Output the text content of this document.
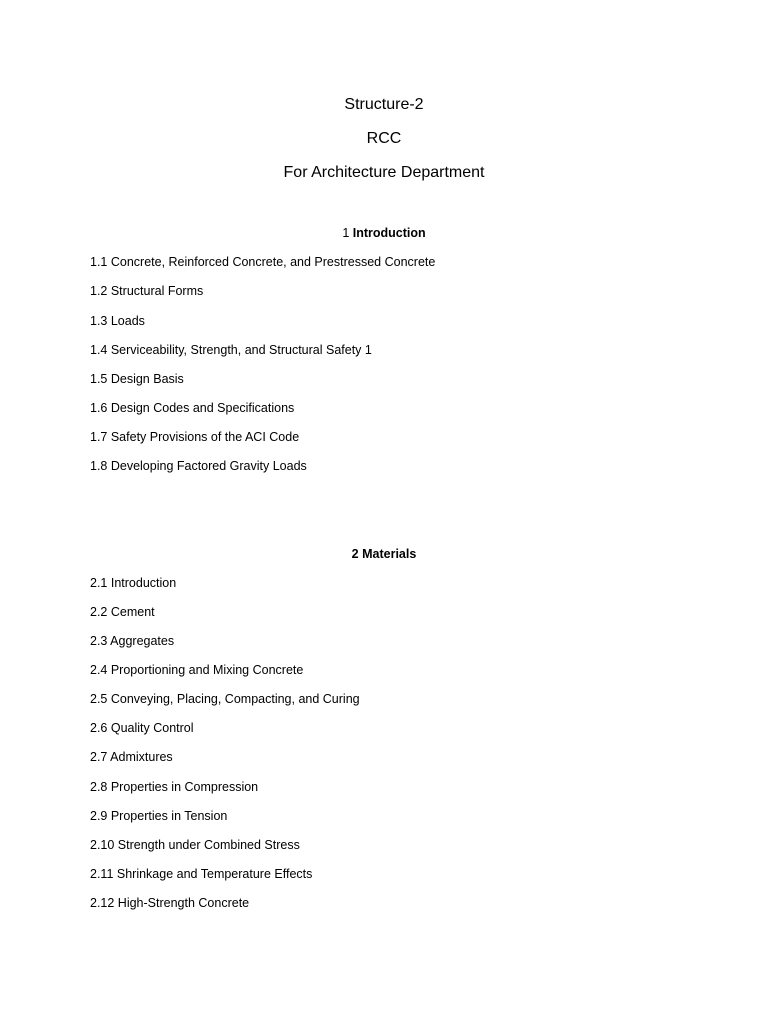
Structure-2
RCC
For Architecture Department
1 Introduction
1.1 Concrete, Reinforced Concrete, and Prestressed Concrete
1.2 Structural Forms
1.3 Loads
1.4 Serviceability, Strength, and Structural Safety 1
1.5 Design Basis
1.6 Design Codes and Specifications
1.7 Safety Provisions of the ACI Code
1.8 Developing Factored Gravity Loads
2 Materials
2.1 Introduction
2.2 Cement
2.3 Aggregates
2.4 Proportioning and Mixing Concrete
2.5 Conveying, Placing, Compacting, and Curing
2.6 Quality Control
2.7 Admixtures
2.8 Properties in Compression
2.9 Properties in Tension
2.10 Strength under Combined Stress
2.11 Shrinkage and Temperature Effects
2.12 High-Strength Concrete
